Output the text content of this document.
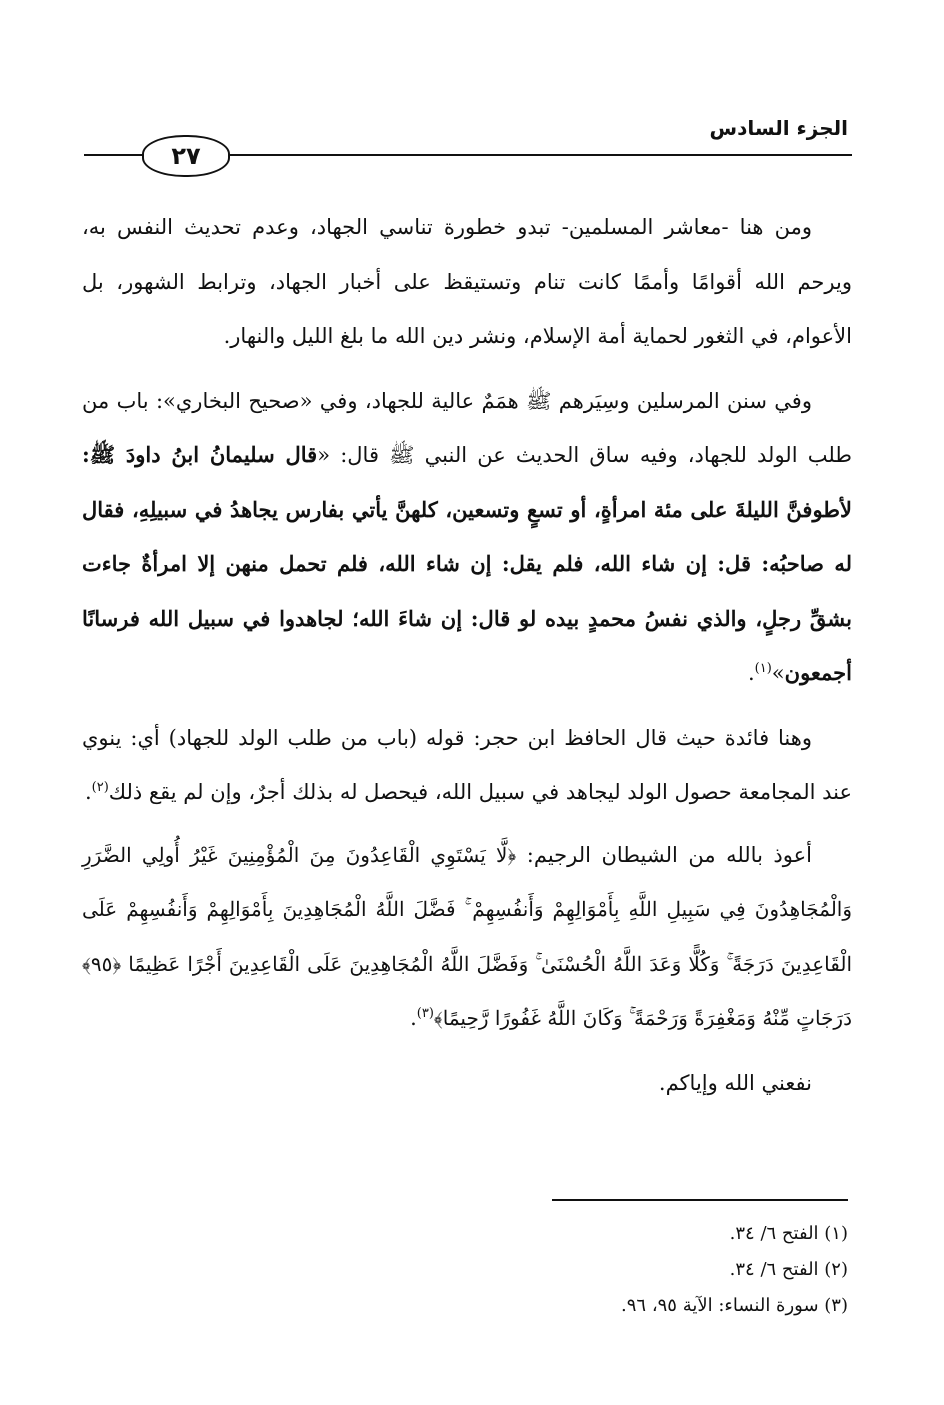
الجزء السادس
٢٧

ومن هنا -معاشر المسلمين- تبدو خطورة تناسي الجهاد، وعدم تحديث النفس به، ويرحم الله أقوامًا وأممًا كانت تنام وتستيقظ على أخبار الجهاد، وترابط الشهور، بل الأعوام، في الثغور لحماية أمة الإسلام، ونشر دين الله ما بلغ الليل والنهار.

وفي سنن المرسلين وسِيَرهم ﷺ همَمٌ عالية للجهاد، وفي «صحيح البخاري»: باب من طلب الولد للجهاد، وفيه ساق الحديث عن النبي ﷺ قال: «قال سليمانُ ابنُ داودَ ﷺ: لأطوفنَّ الليلةَ على مئة امرأةٍ، أو تسعٍ وتسعين، كلهنَّ يأتي بفارس يجاهدُ في سبيلِهِ، فقال له صاحبُه: قل: إن شاء الله، فلم يقل: إن شاء الله، فلم تحمل منهن إلا امرأةٌ جاءت بشقِّ رجلٍ، والذي نفسُ محمدٍ بيده لو قال: إن شاءَ الله؛ لجاهدوا في سبيل الله فرسانًا أجمعون»$^{(١)}$.

وهنا فائدة حيث قال الحافظ ابن حجر: قوله (باب من طلب الولد للجهاد) أي: ينوي عند المجامعة حصول الولد ليجاهد في سبيل الله، فيحصل له بذلك أجرٌ، وإن لم يقع ذلك$^{(٢)}$.

أعوذ بالله من الشيطان الرجيم: ﴿لَّا يَسْتَوِي الْقَاعِدُونَ مِنَ الْمُؤْمِنِينَ غَيْرُ أُولِي الضَّرَرِ وَالْمُجَاهِدُونَ فِي سَبِيلِ اللَّهِ بِأَمْوَالِهِمْ وَأَنفُسِهِمْ ۚ فَضَّلَ اللَّهُ الْمُجَاهِدِينَ بِأَمْوَالِهِمْ وَأَنفُسِهِمْ عَلَى الْقَاعِدِينَ دَرَجَةً ۚ وَكُلًّا وَعَدَ اللَّهُ الْحُسْنَىٰ ۚ وَفَضَّلَ اللَّهُ الْمُجَاهِدِينَ عَلَى الْقَاعِدِينَ أَجْرًا عَظِيمًا ﴿٩٥﴾ دَرَجَاتٍ مِّنْهُ وَمَغْفِرَةً وَرَحْمَةً ۚ وَكَانَ اللَّهُ غَفُورًا رَّحِيمًا﴾$^{(٣)}$.

نفعني الله وإياكم.

(١) الفتح ٦/ ٣٤.
(٢) الفتح ٦/ ٣٤.
(٣) سورة النساء: الآية ٩٥، ٩٦.
